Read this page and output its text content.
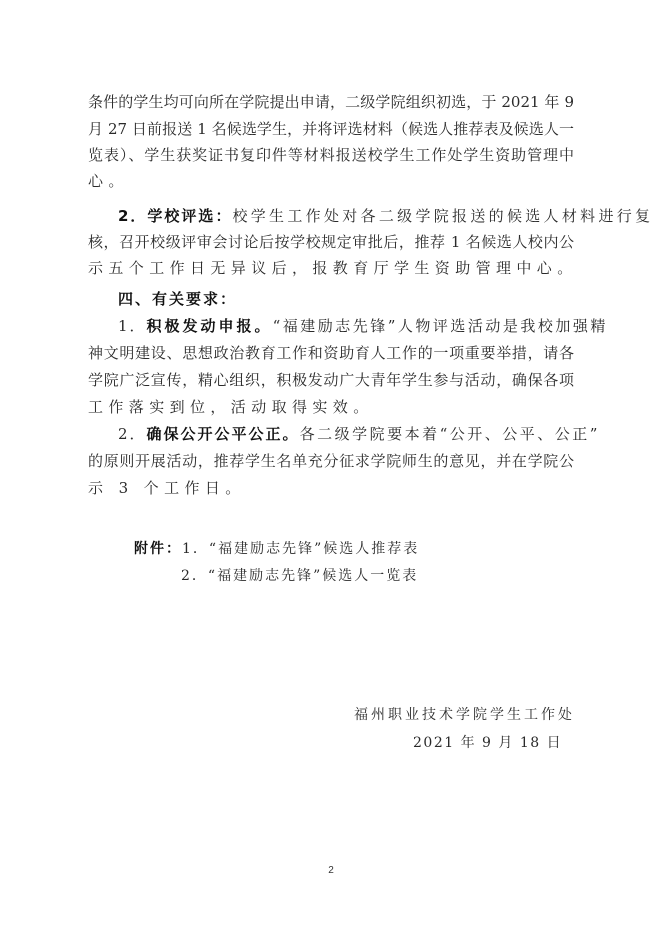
条件的学生均可向所在学院提出申请，二级学院组织初选，于 2021 年 9
月 27 日前报送 1 名候选学生，并将评选材料（候选人推荐表及候选人一
览表）、学生获奖证书复印件等材料报送校学生工作处学生资助管理中
心。
2．学校评选： 校学生工作处对各二级学院报送的候选人材料进行复
核，召开校级评审会讨论后按学校规定审批后，推荐 1 名候选人校内公
示五个工作日无异议后，报教育厅学生资助管理中心。
四、有关要求：
1． 积极发动申报。 “福建励志先锋”人物评选活动是我校加强精
神文明建设、思想政治教育工作和资助育人工作的一项重要举措，请各
学院广泛宣传，精心组织，积极发动广大青年学生参与活动，确保各项
工作落实到位，活动取得实效。
2． 确保公开公平公正。 各二级学院要本着“公开、公平、公正”
的原则开展活动，推荐学生名单充分征求学院师生的意见，并在学院公
示 3 个工作日。
附件：1．“福建励志先锋”候选人推荐表
2．“福建励志先锋”候选人一览表
福州职业技术学院学生工作处
2021 年 9 月 18 日
2
